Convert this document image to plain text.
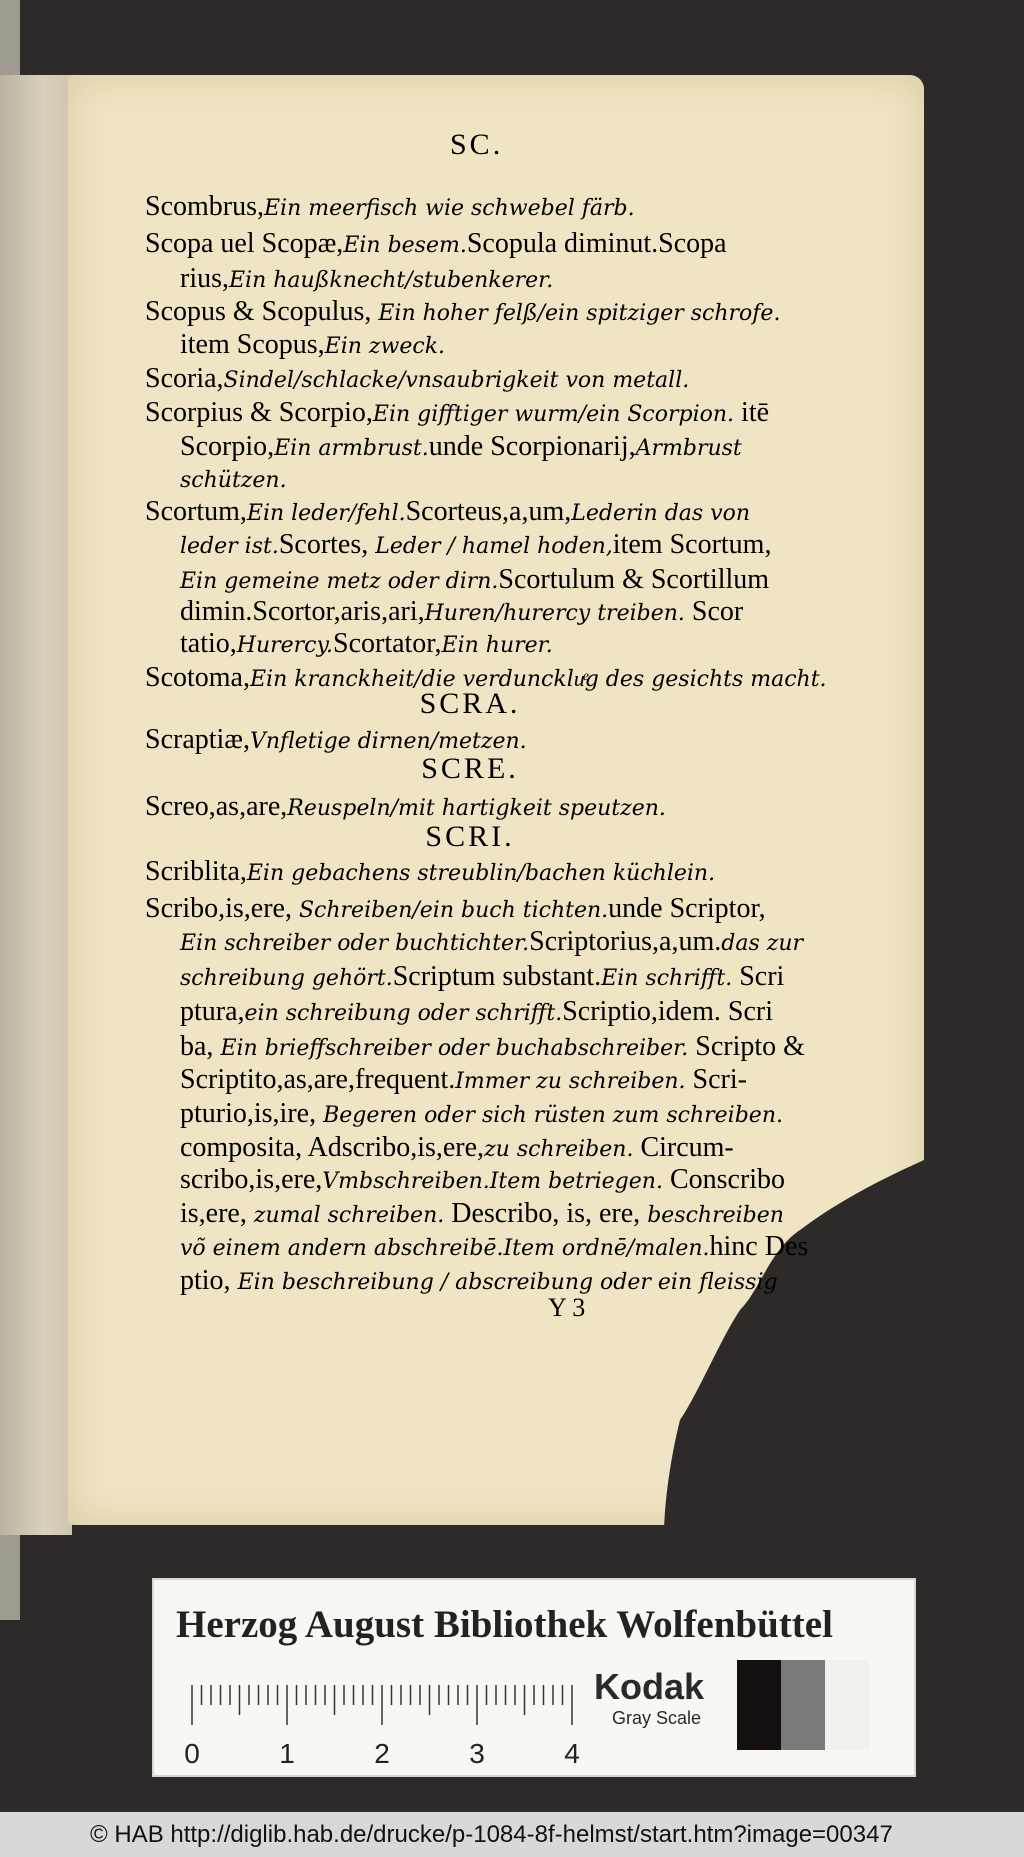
SC.
Scombrus,Ein meerfisch wie schwebel färb.
Scopa uel Scopæ,Ein besem.Scopula diminut.Scopa
rius,Ein haußknecht/stubenkerer.
Scopus & Scopulus, Ein hoher felß/ein spitziger schrofe.
item Scopus,Ein zweck.
Scoria,Sindel/schlacke/vnsaubrigkeit von metall.
Scorpius & Scorpio,Ein gifftiger wurm/ein Scorpion. itē
Scorpio,Ein armbrust.unde Scorpionarij,Armbrust
schützen.
Scortum,Ein leder/fehl.Scorteus,a,um,Lederin das von
leder ist.Scortes, Leder / hamel hoden,item Scortum,
Ein gemeine metz oder dirn.Scortulum & Scortillum
dimin.Scortor,aris,ari,Huren/hurercy treiben. Scor
tatio,Hurercy.Scortator,Ein hurer.
Scotoma,Ein kranckheit/die verdunckluͤg des gesichts macht.
Scraptiæ,Vnfletige dirnen/metzen.
Screo,as,are,Reuspeln/mit hartigkeit speutzen.
Scriblita,Ein gebachens streublin/bachen küchlein.
Scribo,is,ere, Schreiben/ein buch tichten.unde Scriptor,
Ein schreiber oder buchtichter.Scriptorius,a,um.das zur
schreibung gehört.Scriptum substant.Ein schrifft. Scri
ptura,ein schreibung oder schrifft.Scriptio,idem. Scri
ba, Ein brieffschreiber oder buchabschreiber. Scripto &
Scriptito,as,are,frequent.Immer zu schreiben. Scri-
pturio,is,ire, Begeren oder sich rüsten zum schreiben.
composita, Adscribo,is,ere,zu schreiben. Circum-
scribo,is,ere,Vmbschreiben.Item betriegen. Conscribo
is,ere, zumal schreiben. Describo, is, ere, beschreiben
võ einem andern abschreibē.Item ordnē/malen.hinc Des
ptio, Ein beschreibung / abscreibung oder ein fleissig
SCRA.
SCRE.
SCRI.
Y 3
Herzog August Bibliothek Wolfenbüttel
0	1	2	3	4
Kodak
Gray Scale
© HAB http://diglib.hab.de/drucke/p-1084-8f-helmst/start.htm?image=00347
